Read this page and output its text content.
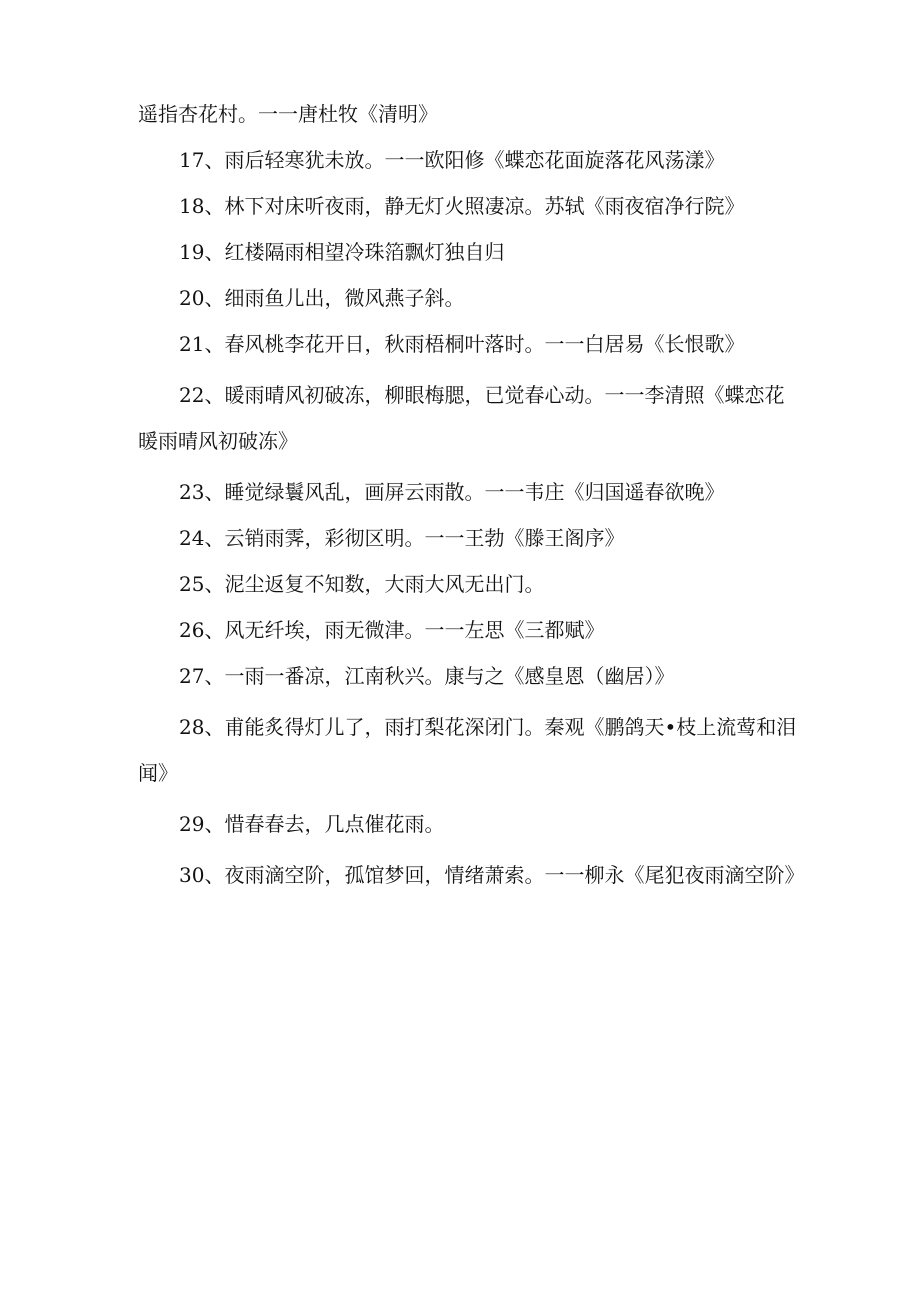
遥指杏花村。一一唐杜牧《清明》

17、雨后轻寒犹未放。一一欧阳修《蝶恋花面旋落花风荡漾》

18、林下对床听夜雨，静无灯火照凄凉。苏轼《雨夜宿净行院》

19、红楼隔雨相望冷珠箔飘灯独自归

20、细雨鱼儿出，微风燕子斜。

21、春风桃李花开日，秋雨梧桐叶落时。一一白居易《长恨歌》

22、暖雨晴风初破冻，柳眼梅腮，已觉春心动。一一李清照《蝶恋花暖雨晴风初破冻》

23、睡觉绿鬟风乱，画屏云雨散。一一韦庄《归国遥春欲晚》

24、云销雨霁，彩彻区明。一一王勃《滕王阁序》

25、泥尘返复不知数，大雨大风无出门。

26、风无纤埃，雨无微津。一一左思《三都赋》

27、一雨一番凉，江南秋兴。康与之《感皇恩（幽居）》

28、甫能炙得灯儿了，雨打梨花深闭门。秦观《鹏鸽天•枝上流莺和泪闻》

29、惜春春去，几点催花雨。

30、夜雨滴空阶，孤馆梦回，情绪萧索。一一柳永《尾犯夜雨滴空阶》
